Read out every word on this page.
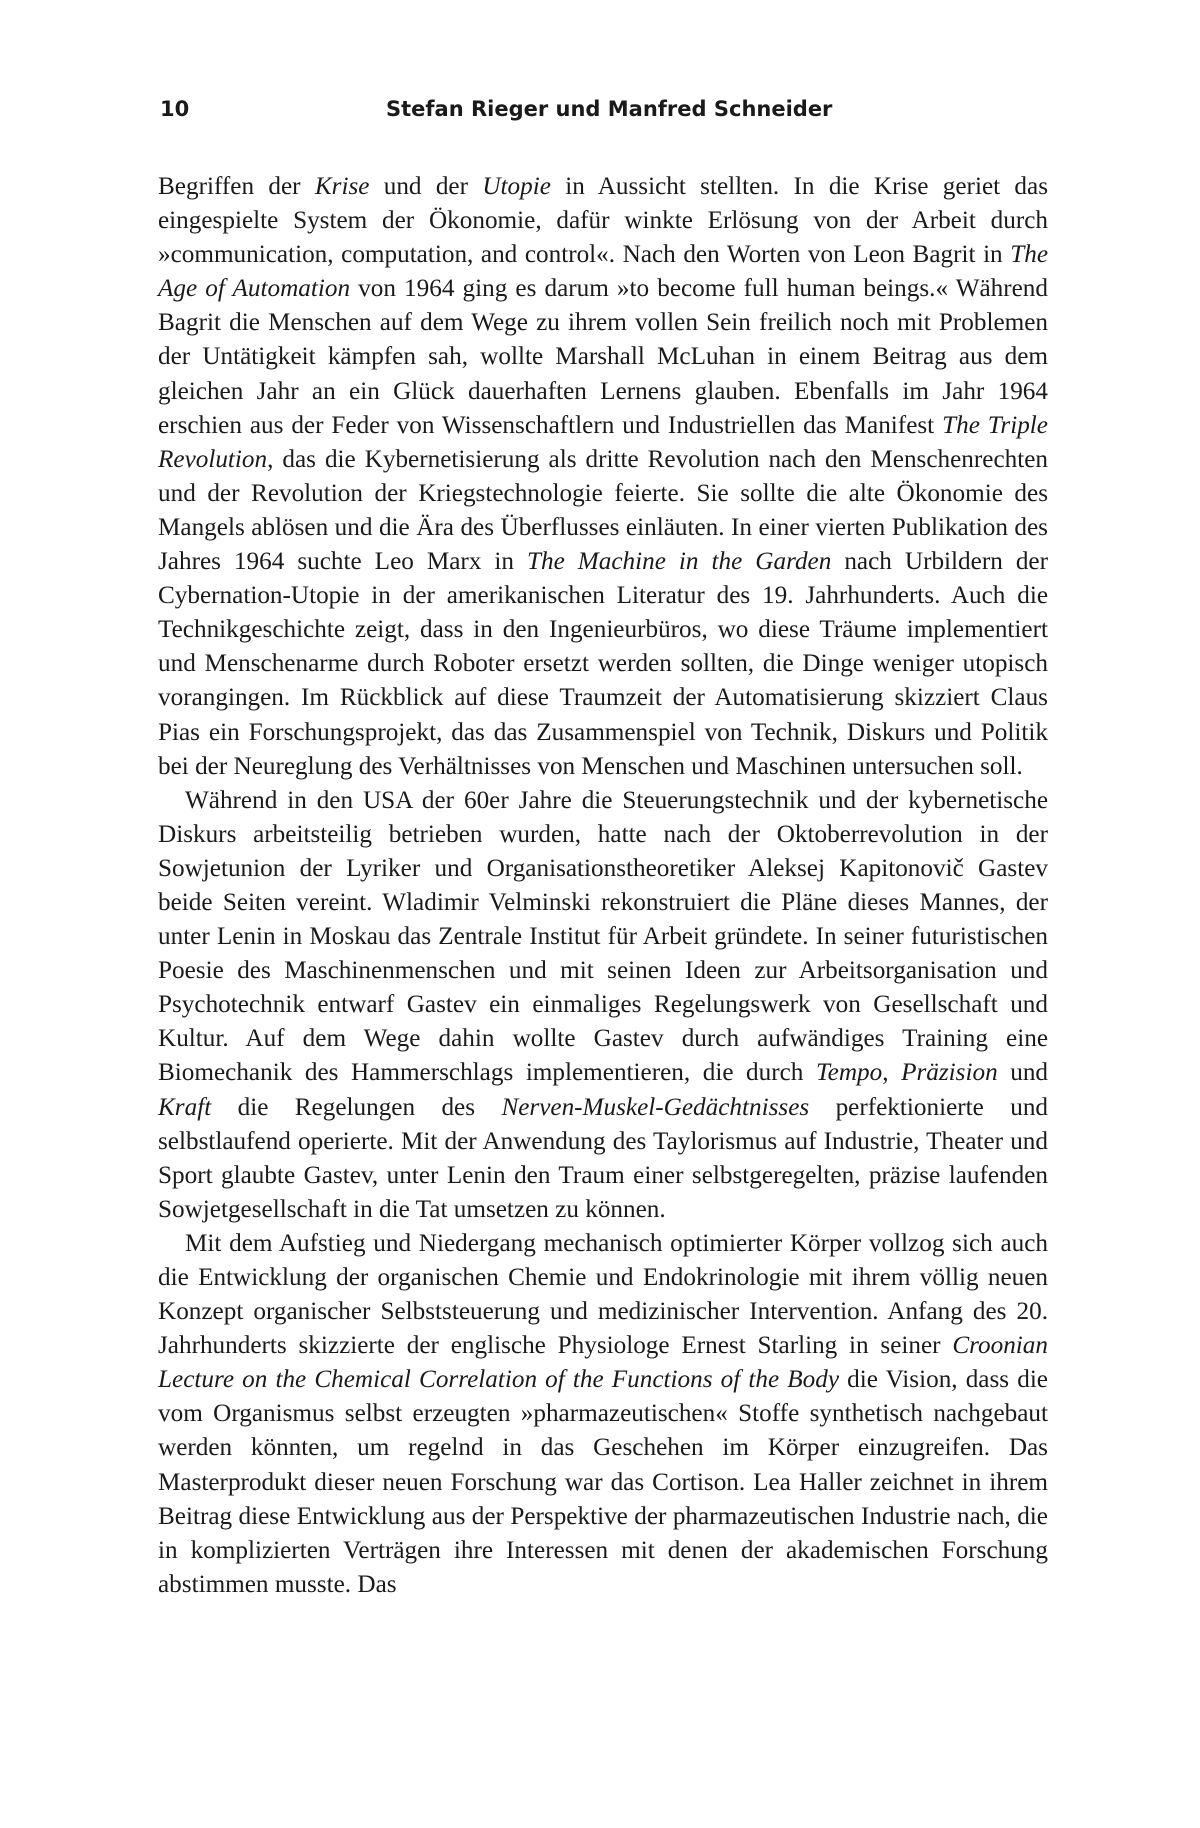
10	Stefan Rieger und Manfred Schneider

Begriffen der Krise und der Utopie in Aussicht stellten. In die Krise geriet das eingespielte System der Ökonomie, dafür winkte Erlösung von der Arbeit durch »communication, computation, and control«. Nach den Worten von Leon Bagrit in The Age of Automation von 1964 ging es darum »to become full human beings.« Während Bagrit die Menschen auf dem Wege zu ihrem vollen Sein freilich noch mit Problemen der Untätigkeit kämpfen sah, wollte Marshall McLuhan in einem Beitrag aus dem gleichen Jahr an ein Glück dauerhaften Lernens glauben. Ebenfalls im Jahr 1964 erschien aus der Feder von Wissenschaftlern und Industriellen das Manifest The Triple Revolution, das die Kybernetisierung als dritte Revolution nach den Menschenrechten und der Revolution der Kriegstechnologie feierte. Sie sollte die alte Ökonomie des Mangels ablösen und die Ära des Überflusses einläuten. In einer vierten Publikation des Jahres 1964 suchte Leo Marx in The Machine in the Garden nach Urbildern der Cybernation-Utopie in der amerikanischen Literatur des 19. Jahrhunderts. Auch die Technikgeschichte zeigt, dass in den Ingenieurbüros, wo diese Träume implementiert und Menschenarme durch Roboter ersetzt werden sollten, die Dinge weniger utopisch vorangingen. Im Rückblick auf diese Traumzeit der Automatisierung skizziert Claus Pias ein Forschungsprojekt, das das Zusammenspiel von Technik, Diskurs und Politik bei der Neureglung des Verhältnisses von Menschen und Maschinen untersuchen soll.

Während in den USA der 60er Jahre die Steuerungstechnik und der kybernetische Diskurs arbeitsteilig betrieben wurden, hatte nach der Oktoberrevolution in der Sowjetunion der Lyriker und Organisationstheoretiker Aleksej Kapitonovič Gastev beide Seiten vereint. Wladimir Velminski rekonstruiert die Pläne dieses Mannes, der unter Lenin in Moskau das Zentrale Institut für Arbeit gründete. In seiner futuristischen Poesie des Maschinenmenschen und mit seinen Ideen zur Arbeitsorganisation und Psychotechnik entwarf Gastev ein einmaliges Regelungswerk von Gesellschaft und Kultur. Auf dem Wege dahin wollte Gastev durch aufwändiges Training eine Biomechanik des Hammerschlags implementieren, die durch Tempo, Präzision und Kraft die Regelungen des Nerven-Muskel-Gedächtnisses perfektionierte und selbstlaufend operierte. Mit der Anwendung des Taylorismus auf Industrie, Theater und Sport glaubte Gastev, unter Lenin den Traum einer selbstgeregelten, präzise laufenden Sowjetgesellschaft in die Tat umsetzen zu können.

Mit dem Aufstieg und Niedergang mechanisch optimierter Körper vollzog sich auch die Entwicklung der organischen Chemie und Endokrinologie mit ihrem völlig neuen Konzept organischer Selbststeuerung und medizinischer Intervention. Anfang des 20. Jahrhunderts skizzierte der englische Physiologe Ernest Starling in seiner Croonian Lecture on the Chemical Correlation of the Functions of the Body die Vision, dass die vom Organismus selbst erzeugten »pharmazeutischen« Stoffe synthetisch nachgebaut werden könnten, um regelnd in das Geschehen im Körper einzugreifen. Das Masterprodukt dieser neuen Forschung war das Cortison. Lea Haller zeichnet in ihrem Beitrag diese Entwicklung aus der Perspektive der pharmazeutischen Industrie nach, die in komplizierten Verträgen ihre Interessen mit denen der akademischen Forschung abstimmen musste. Das
